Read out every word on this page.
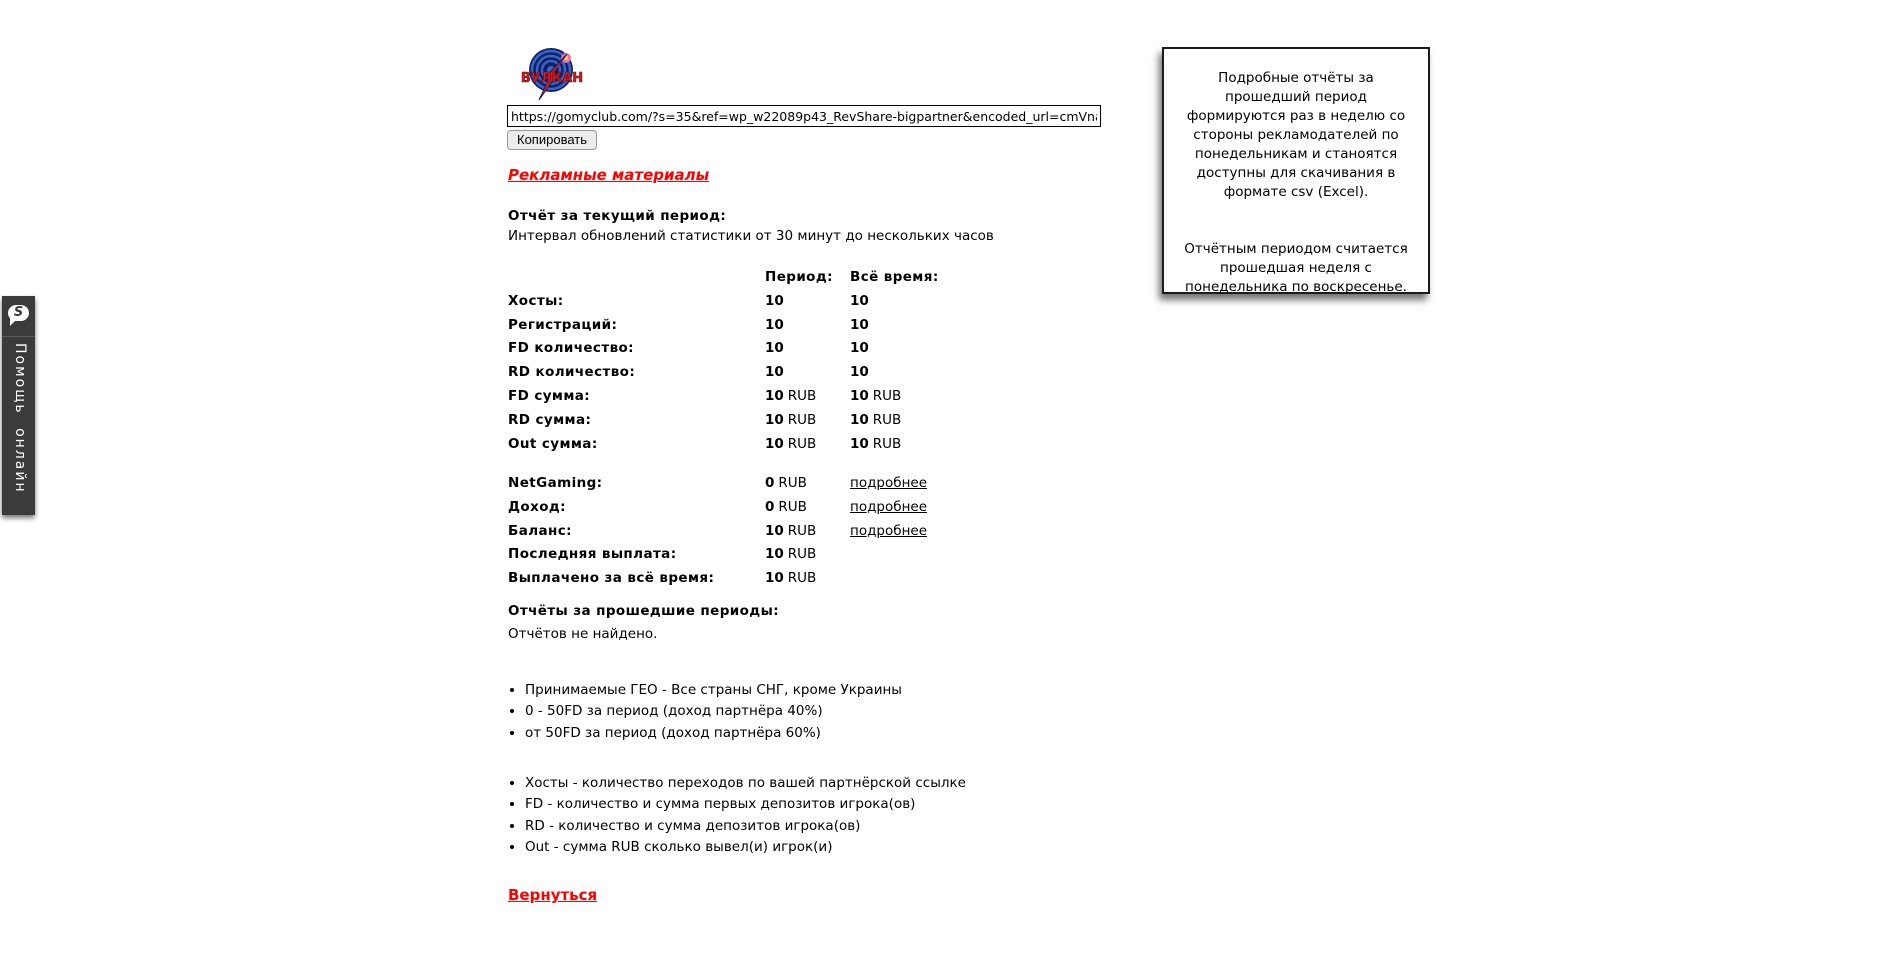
S
Помощь онлайн
ВУЛКАН
https://gomyclub.com/?s=35&ref=wp_w22089p43_RevShare-bigpartner&encoded_url=cmVnaXN
Копировать
Рекламные материалы
Отчёт за текущий период:
Интервал обновлений статистики от 30 минут до нескольких часов
Период:	Всё время:
Хосты:	10	10
Регистраций:	10	10
FD количество:	10	10
RD количество:	10	10
FD сумма:	10 RUB	10 RUB
RD сумма:	10 RUB	10 RUB
Out сумма:	10 RUB	10 RUB
NetGaming:	0 RUB	подробнее
Доход:	0 RUB	подробнее
Баланс:	10 RUB	подробнее
Последняя выплата:	10 RUB
Выплачено за всё время:	10 RUB
Отчёты за прошедшие периоды:
Отчётов не найдено.
• Принимаемые ГЕО - Все страны СНГ, кроме Украины
• 0 - 50FD за период (доход партнёра 40%)
• от 50FD за период (доход партнёра 60%)
• Хосты - количество переходов по вашей партнёрской ссылке
• FD - количество и сумма первых депозитов игрока(ов)
• RD - количество и сумма депозитов игрока(ов)
• Out - сумма RUB сколько вывел(и) игрок(и)
Вернуться

Подробные отчёты за прошедший период формируются раз в неделю со стороны рекламодателей по понедельникам и станоятся доступны для скачивания в формате csv (Excel).

Отчётным периодом считается прошедшая неделя с понедельника по воскресенье.
